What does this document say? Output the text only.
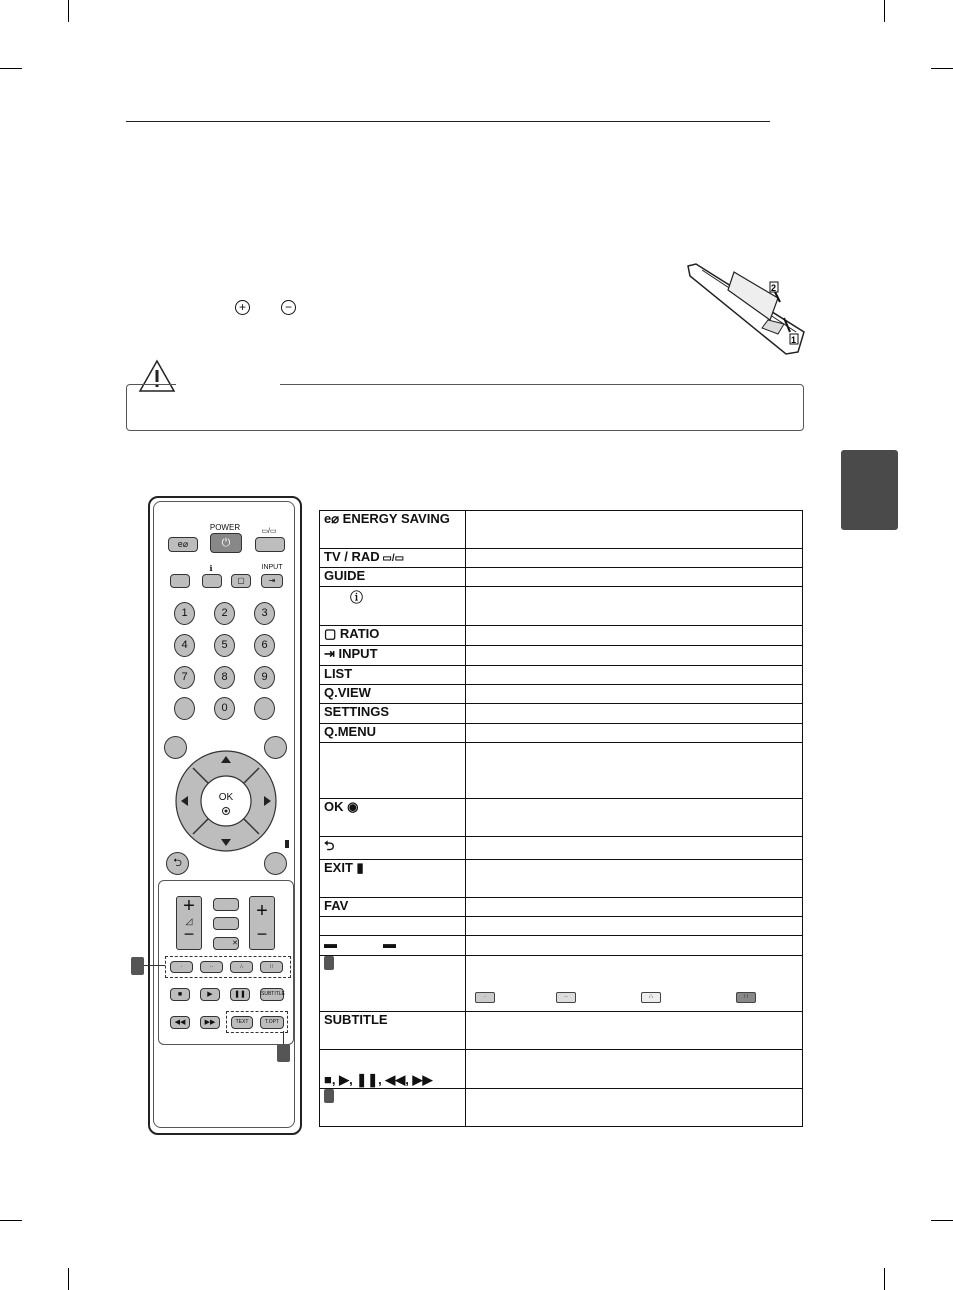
+	−
2
1
POWER
e⌀	⏻
▭/▭
ℹ
▢
INPUT
⇥
1	2	3
4	5	6
7	8	9
0
OK
⮌
+
◿
−	✕
+
−
·	··	∴	∷
■	▶	❚❚	SUBTITLE
◀◀	▶▶	TEXT	T.OPT
e⌀ ENERGY SAVING	
TV / RAD ▭/▭	
GUIDE	
ⓘ	
▢ RATIO	
⇥ INPUT	
LIST	
Q.VIEW	
SETTINGS	
Q.MENU	

OK ◉	
⮌	
EXIT ▮	
FAV	

▬ ▬	

SUBTITLE	
■, ▶, ❚❚, ◀◀, ▶▶	

·	··	∴	∷
